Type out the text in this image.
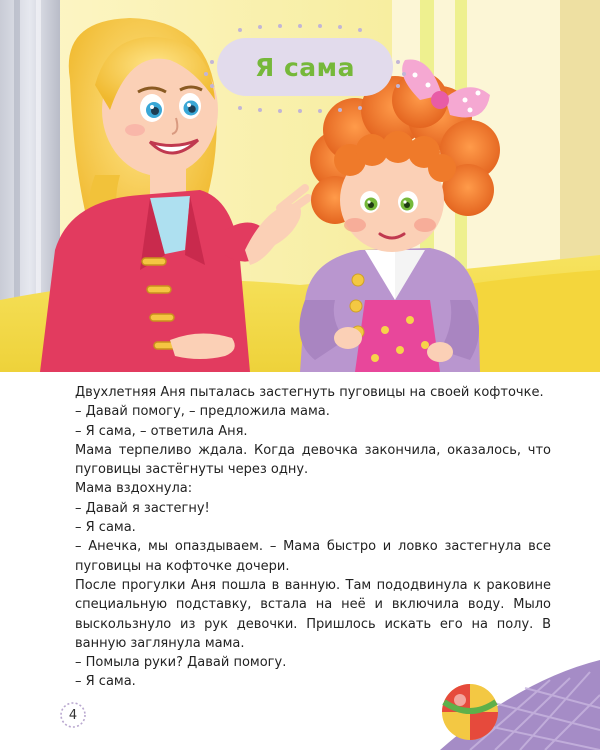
Я сама

Двухлетняя Аня пыталась застегнуть пуговицы на своей кофточке.

– Давай помогу, – предложила мама.

– Я сама, – ответила Аня.

Мама терпеливо ждала. Когда девочка закончила, оказалось, что пуговицы застёгнуты через одну.

Мама вздохнула:

– Давай я застегну!

– Я сама.

– Анечка, мы опаздываем. – Мама быстро и ловко застегнула все пуговицы на кофточке дочери.

После прогулки Аня пошла в ванную. Там пододвинула к раковине специальную подставку, встала на неё и включила воду. Мыло выскользнуло из рук девочки. Пришлось искать его на полу. В ванную заглянула мама.

– Помыла руки? Давай помогу.

– Я сама.

4
